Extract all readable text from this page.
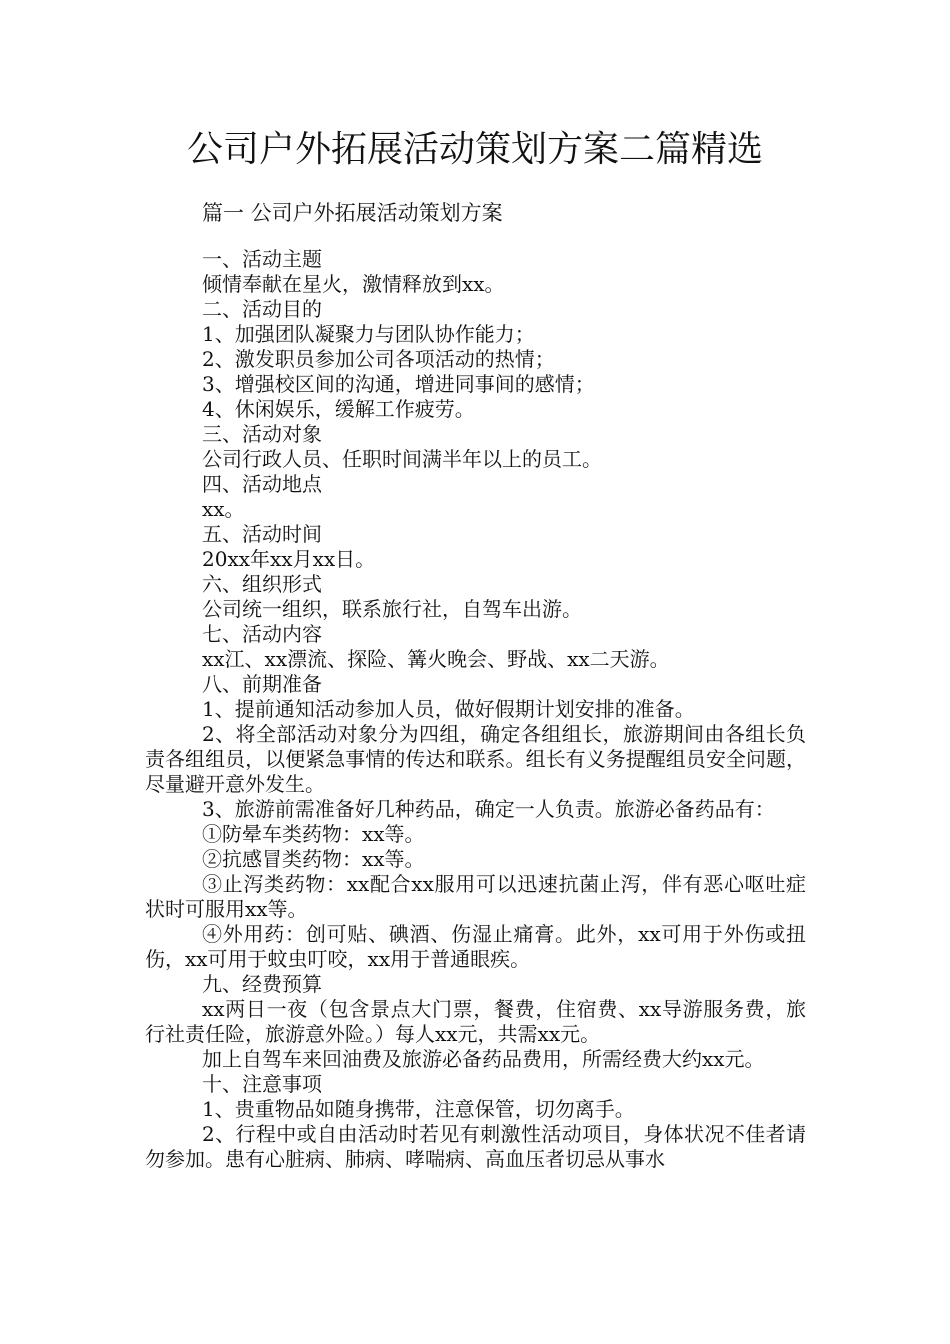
公司户外拓展活动策划方案二篇精选
篇一 公司户外拓展活动策划方案

一、活动主题

倾情奉献在星火，激情释放到xx。

二、活动目的

1、加强团队凝聚力与团队协作能力；

2、激发职员参加公司各项活动的热情；

3、增强校区间的沟通，增进同事间的感情；

4、休闲娱乐，缓解工作疲劳。

三、活动对象

公司行政人员、任职时间满半年以上的员工。

四、活动地点

xx。

五、活动时间

20xx年xx月xx日。

六、组织形式

公司统一组织，联系旅行社，自驾车出游。

七、活动内容

xx江、xx漂流、探险、篝火晚会、野战、xx二天游。

八、前期准备

1、提前通知活动参加人员，做好假期计划安排的准备。

2、将全部活动对象分为四组，确定各组组长，旅游期间由各组长负责各组组员，以便紧急事情的传达和联系。组长有义务提醒组员安全问题，尽量避开意外发生。

3、旅游前需准备好几种药品，确定一人负责。旅游必备药品有：

①防晕车类药物：xx等。

②抗感冒类药物：xx等。

③止泻类药物：xx配合xx服用可以迅速抗菌止泻，伴有恶心呕吐症状时可服用xx等。

④外用药：创可贴、碘酒、伤湿止痛膏。此外，xx可用于外伤或扭伤，xx可用于蚊虫叮咬，xx用于普通眼疾。

九、经费预算

xx两日一夜（包含景点大门票，餐费，住宿费、xx导游服务费，旅行社责任险，旅游意外险。）每人xx元，共需xx元。

加上自驾车来回油费及旅游必备药品费用，所需经费大约xx元。

十、注意事项

1、贵重物品如随身携带，注意保管，切勿离手。

2、行程中或自由活动时若见有刺激性活动项目，身体状况不佳者请勿参加。患有心脏病、肺病、哮喘病、高血压者切忌从事水
